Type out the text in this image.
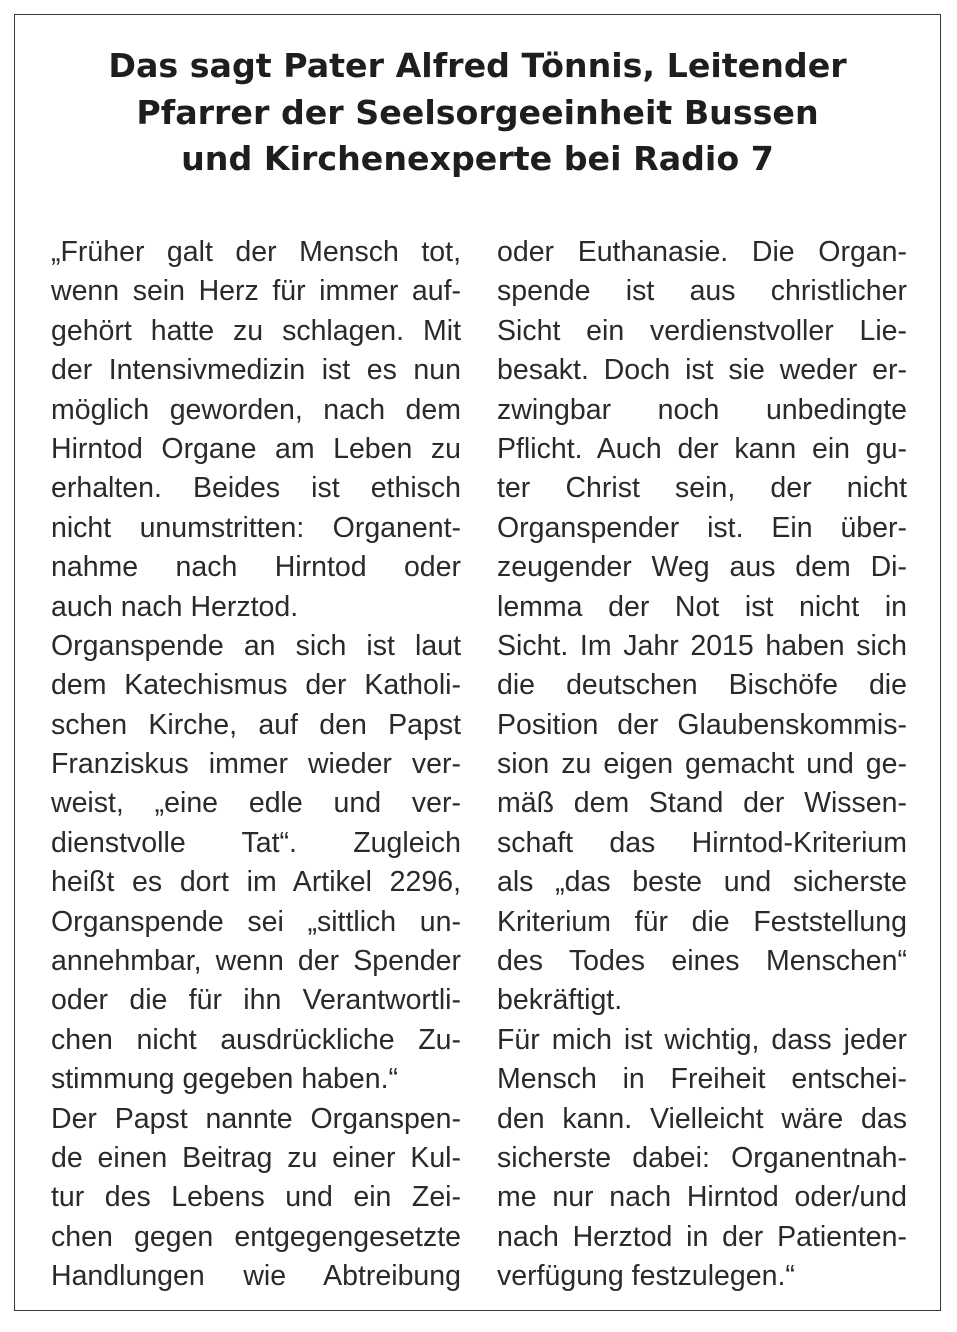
Das sagt Pater Alfred Tönnis, Leitender
Pfarrer der Seelsorgeeinheit Bussen
und Kirchenexperte bei Radio 7
„Früher galt der Mensch tot,
wenn sein Herz für immer auf-
gehört hatte zu schlagen. Mit
der Intensivmedizin ist es nun
möglich geworden, nach dem
Hirntod Organe am Leben zu
erhalten. Beides ist ethisch
nicht unumstritten: Organent-
nahme nach Hirntod oder
auch nach Herztod.
Organspende an sich ist laut
dem Katechismus der Katholi-
schen Kirche, auf den Papst
Franziskus immer wieder ver-
weist, „eine edle und ver-
dienstvolle Tat“. Zugleich
heißt es dort im Artikel 2296,
Organspende sei „sittlich un-
annehmbar, wenn der Spender
oder die für ihn Verantwortli-
chen nicht ausdrückliche Zu-
stimmung gegeben haben.“
Der Papst nannte Organspen-
de einen Beitrag zu einer Kul-
tur des Lebens und ein Zei-
chen gegen entgegengesetzte
Handlungen wie Abtreibung
oder Euthanasie. Die Organ-
spende ist aus christlicher
Sicht ein verdienstvoller Lie-
besakt. Doch ist sie weder er-
zwingbar noch unbedingte
Pflicht. Auch der kann ein gu-
ter Christ sein, der nicht
Organspender ist. Ein über-
zeugender Weg aus dem Di-
lemma der Not ist nicht in
Sicht. Im Jahr 2015 haben sich
die deutschen Bischöfe die
Position der Glaubenskommis-
sion zu eigen gemacht und ge-
mäß dem Stand der Wissen-
schaft das Hirntod-Kriterium
als „das beste und sicherste
Kriterium für die Feststellung
des Todes eines Menschen“
bekräftigt.
Für mich ist wichtig, dass jeder
Mensch in Freiheit entschei-
den kann. Vielleicht wäre das
sicherste dabei: Organentnah-
me nur nach Hirntod oder/und
nach Herztod in der Patienten-
verfügung festzulegen.“
